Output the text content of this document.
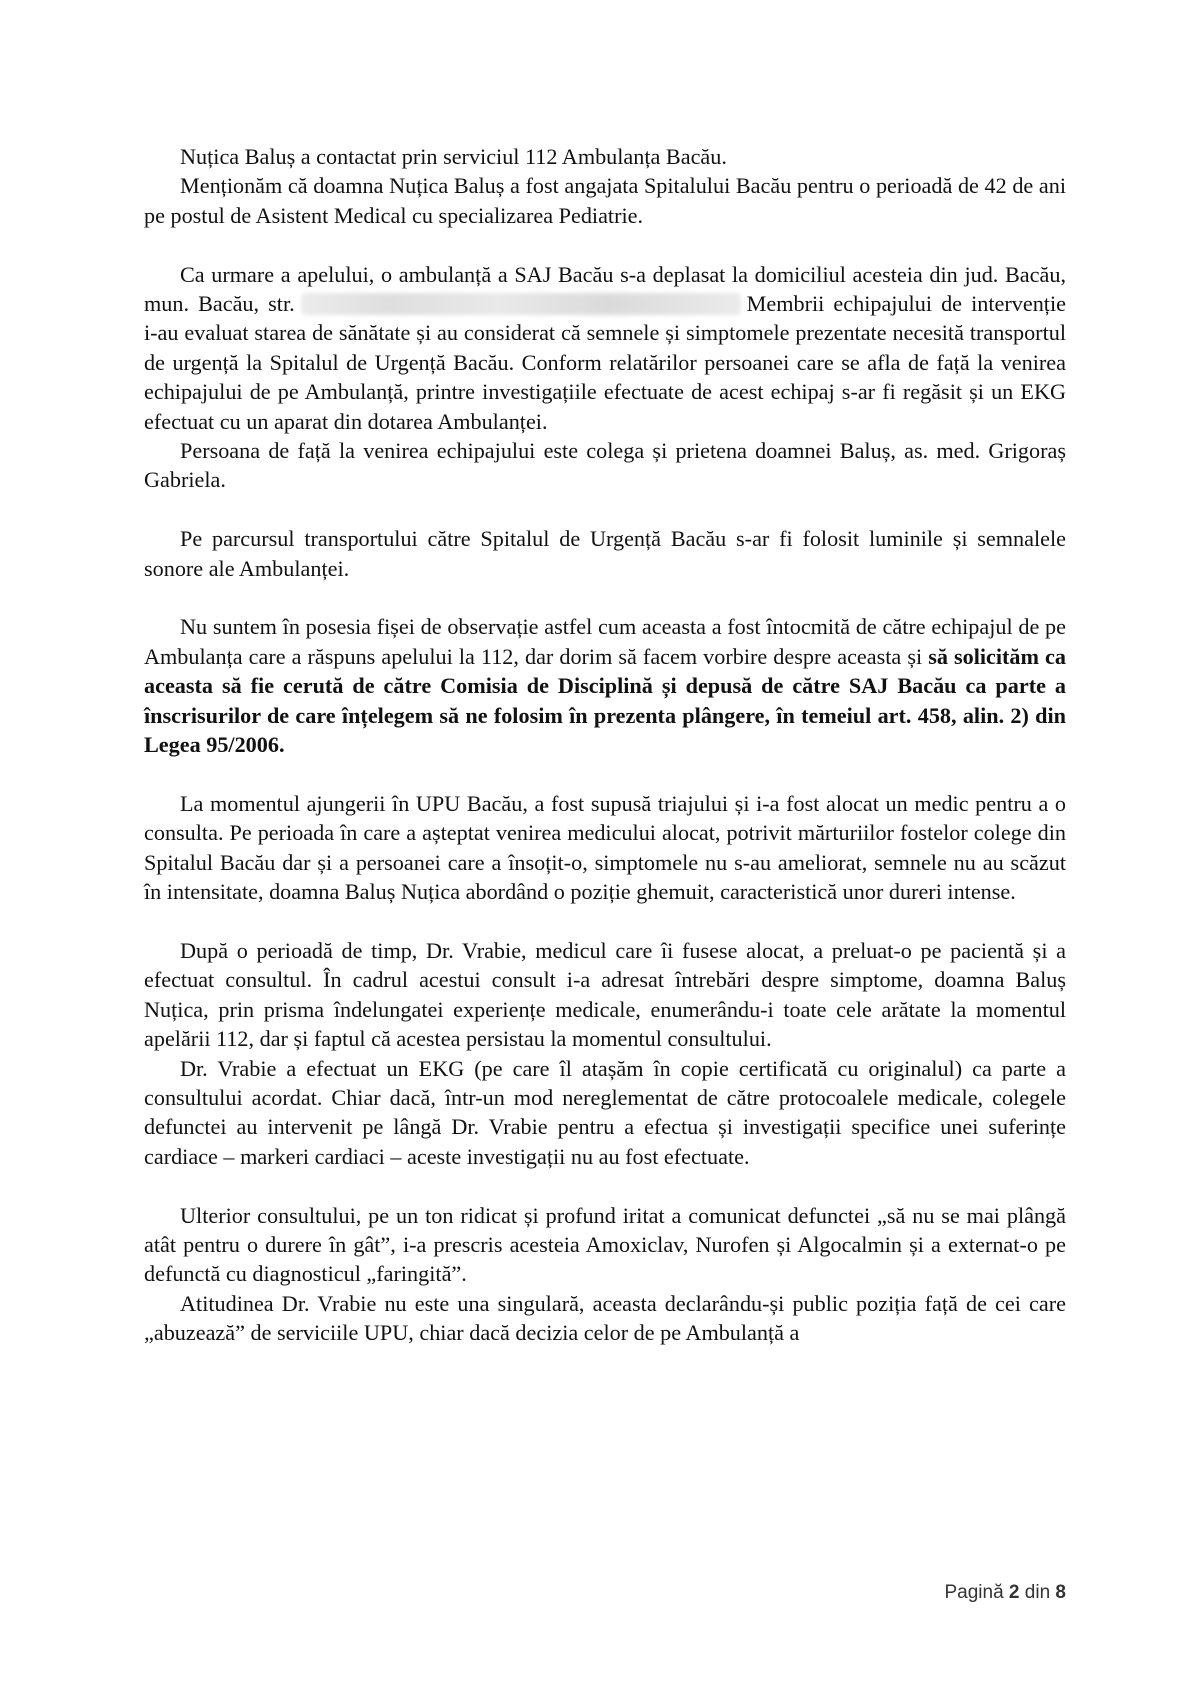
Nuțica Baluș a contactat prin serviciul 112 Ambulanța Bacău.

Menționăm că doamna Nuțica Baluș a fost angajata Spitalului Bacău pentru o perioadă de 42 de ani pe postul de Asistent Medical cu specializarea Pediatrie.

Ca urmare a apelului, o ambulanță a SAJ Bacău s-a deplasat la domiciliul acesteia din jud. Bacău, mun. Bacău, str.	Membrii echipajului de intervenție i-au evaluat starea de sănătate și au considerat că semnele și simptomele prezentate necesită transportul de urgență la Spitalul de Urgență Bacău. Conform relatărilor persoanei care se afla de față la venirea echipajului de pe Ambulanță, printre investigațiile efectuate de acest echipaj s-ar fi regăsit și un EKG efectuat cu un aparat din dotarea Ambulanței.

Persoana de față la venirea echipajului este colega și prietena doamnei Baluș, as. med. Grigoraș Gabriela.

Pe parcursul transportului către Spitalul de Urgență Bacău s-ar fi folosit luminile și semnalele sonore ale Ambulanței.

Nu suntem în posesia fișei de observație astfel cum aceasta a fost întocmită de către echipajul de pe Ambulanța care a răspuns apelului la 112, dar dorim să facem vorbire despre aceasta și să solicităm ca aceasta să fie cerută de către Comisia de Disciplină și depusă de către SAJ Bacău ca parte a înscrisurilor de care înțelegem să ne folosim în prezenta plângere, în temeiul art. 458, alin. 2) din Legea 95/2006.

La momentul ajungerii în UPU Bacău, a fost supusă triajului și i-a fost alocat un medic pentru a o consulta. Pe perioada în care a așteptat venirea medicului alocat, potrivit mărturiilor fostelor colege din Spitalul Bacău dar și a persoanei care a însoțit-o, simptomele nu s-au ameliorat, semnele nu au scăzut în intensitate, doamna Baluș Nuțica abordând o poziție ghemuit, caracteristică unor dureri intense.

După o perioadă de timp, Dr. Vrabie, medicul care îi fusese alocat, a preluat-o pe pacientă și a efectuat consultul. În cadrul acestui consult i-a adresat întrebări despre simptome, doamna Baluș Nuțica, prin prisma îndelungatei experiențe medicale, enumerându-i toate cele arătate la momentul apelării 112, dar și faptul că acestea persistau la momentul consultului.

Dr. Vrabie a efectuat un EKG (pe care îl atașăm în copie certificată cu originalul) ca parte a consultului acordat. Chiar dacă, într-un mod nereglementat de către protocoalele medicale, colegele defunctei au intervenit pe lângă Dr. Vrabie pentru a efectua și investigații specifice unei suferințe cardiace – markeri cardiaci – aceste investigații nu au fost efectuate.

Ulterior consultului, pe un ton ridicat și profund iritat a comunicat defunctei „să nu se mai plângă atât pentru o durere în gât”, i-a prescris acesteia Amoxiclav, Nurofen și Algocalmin și a externat-o pe defunctă cu diagnosticul „faringită”.

Atitudinea Dr. Vrabie nu este una singulară, aceasta declarându-și public poziția față de cei care „abuzează” de serviciile UPU, chiar dacă decizia celor de pe Ambulanță a

Pagină 2 din 8
